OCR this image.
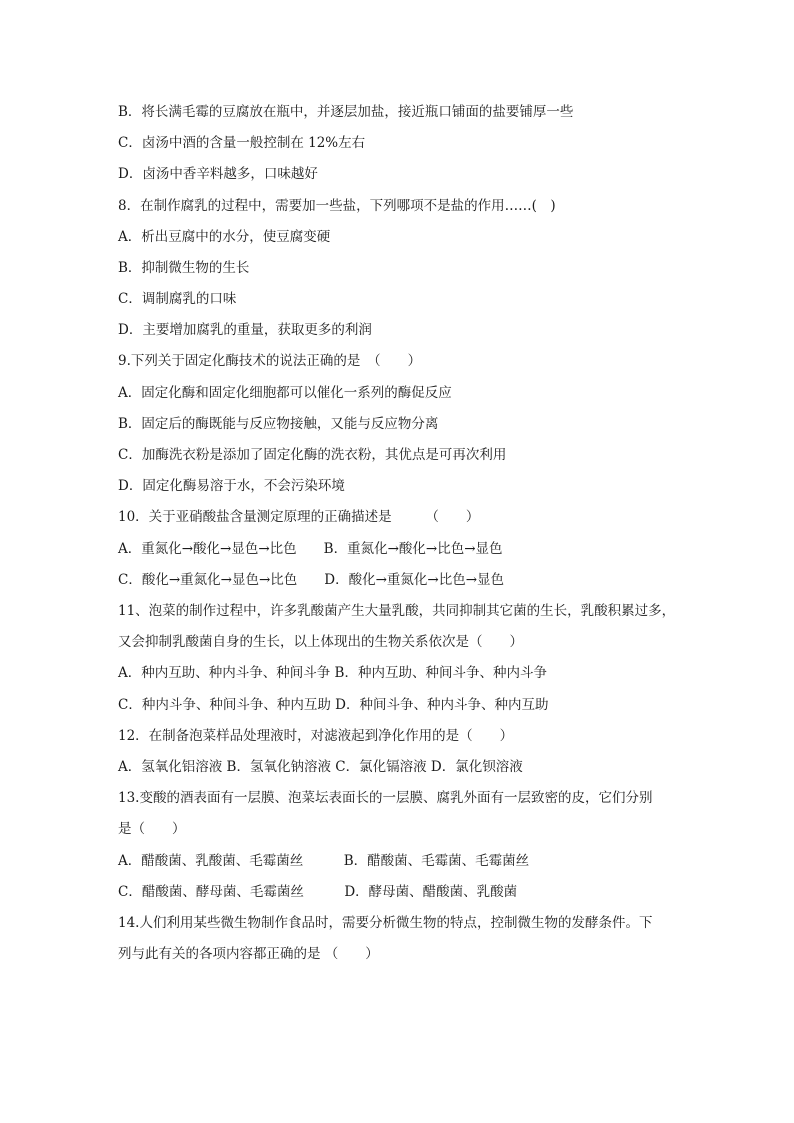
B．将长满毛霉的豆腐放在瓶中，并逐层加盐，接近瓶口铺面的盐要铺厚一些
C．卤汤中酒的含量一般控制在 12%左右
D．卤汤中香辛料越多，口味越好
8．在制作腐乳的过程中，需要加一些盐，下列哪项不是盐的作用……(　)
A．析出豆腐中的水分，使豆腐变硬
B．抑制微生物的生长
C．调制腐乳的口味
D．主要增加腐乳的重量，获取更多的利润
9.下列关于固定化酶技术的说法正确的是　（　　）
A．固定化酶和固定化细胞都可以催化一系列的酶促反应
B．固定后的酶既能与反应物接触，又能与反应物分离
C．加酶洗衣粉是添加了固定化酶的洗衣粉，其优点是可再次利用
D．固定化酶易溶于水，不会污染环境
10．关于亚硝酸盐含量测定原理的正确描述是　　　（　　）
A．重氮化→酸化→显色→比色　　B．重氮化→酸化→比色→显色
C．酸化→重氮化→显色→比色　　D．酸化→重氮化→比色→显色
11、泡菜的制作过程中，许多乳酸菌产生大量乳酸，共同抑制其它菌的生长，乳酸积累过多，
又会抑制乳酸菌自身的生长，以上体现出的生物关系依次是（　　）
A．种内互助、种内斗争、种间斗争 B．种内互助、种间斗争、种内斗争
C．种内斗争、种间斗争、种内互助 D．种间斗争、种内斗争、种内互助
12．在制备泡菜样品处理液时，对滤液起到净化作用的是（　　）
A．氢氧化铝溶液 B．氢氧化钠溶液 C．氯化镉溶液 D．氯化钡溶液
13.变酸的酒表面有一层膜、泡菜坛表面长的一层膜、腐乳外面有一层致密的皮，它们分别
是（　　）
A．醋酸菌、乳酸菌、毛霉菌丝　　　B．醋酸菌、毛霉菌、毛霉菌丝
C．醋酸菌、酵母菌、毛霉菌丝　　　D．酵母菌、醋酸菌、乳酸菌
14.人们利用某些微生物制作食品时，需要分析微生物的特点，控制微生物的发酵条件。下
列与此有关的各项内容都正确的是 （　　）
